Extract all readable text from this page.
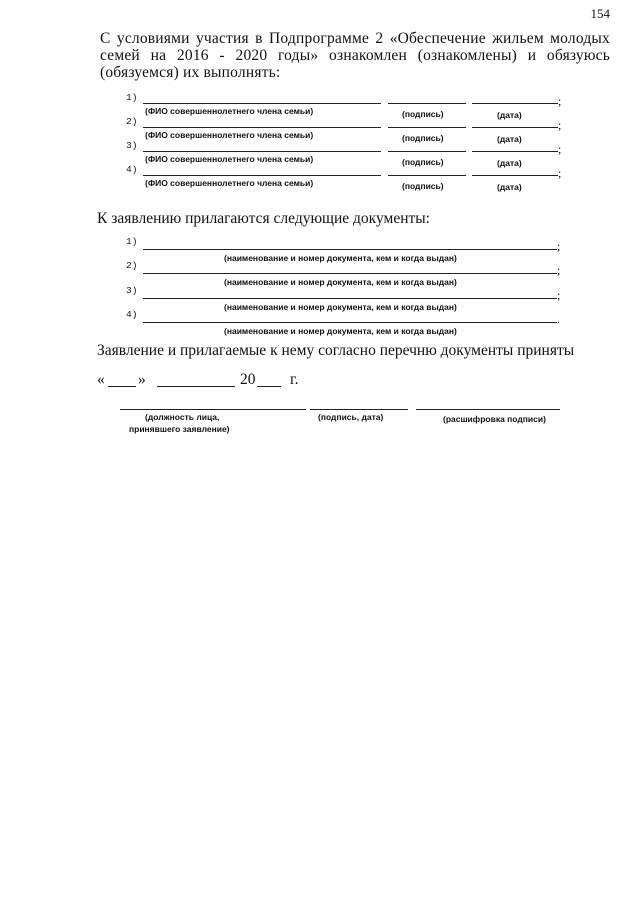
154
С условиями участия в Подпрограмме 2 «Обеспечение жильем молодых семей на 2016 - 2020 годы» ознакомлен (ознакомлены) и обязуюсь (обязуемся) их выполнять:
1)	;
(ФИО совершеннолетнего члена семьи)	(подпись)	(дата)
2)	;
(ФИО совершеннолетнего члена семьи)	(подпись)	(дата)
3)	;
(ФИО совершеннолетнего члена семьи)	(подпись)	(дата)
4)	;
(ФИО совершеннолетнего члена семьи)	(подпись)	(дата)
К заявлению прилагаются следующие документы:
1)	;
(наименование и номер документа, кем и когда выдан)
2)	;
(наименование и номер документа, кем и когда выдан)
3)	;
(наименование и номер документа, кем и когда выдан)
4)	.
(наименование и номер документа, кем и когда выдан)
Заявление и прилагаемые к нему согласно перечню документы приняты
« »	20 г.
(должность лица,
принявшего заявление)
(подпись, дата)	(расшифровка подписи)
